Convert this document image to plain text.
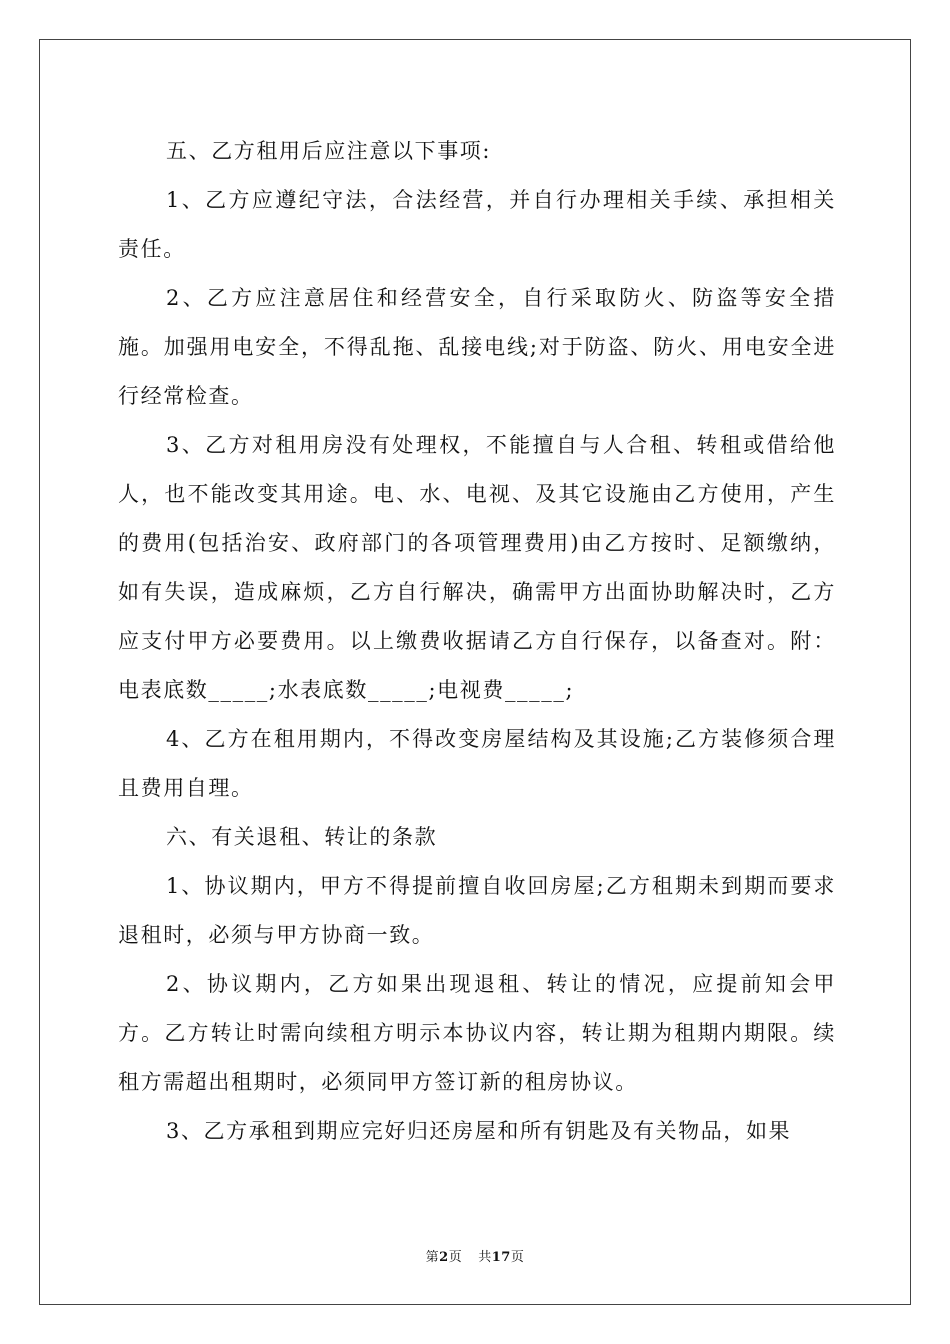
五、乙方租用后应注意以下事项:

1、乙方应遵纪守法，合法经营，并自行办理相关手续、承担相关责任。

2、乙方应注意居住和经营安全，自行采取防火、防盗等安全措施。加强用电安全，不得乱拖、乱接电线;对于防盗、防火、用电安全进行经常检查。

3、乙方对租用房没有处理权，不能擅自与人合租、转租或借给他人，也不能改变其用途。电、水、电视、及其它设施由乙方使用，产生的费用(包括治安、政府部门的各项管理费用)由乙方按时、足额缴纳，如有失误，造成麻烦，乙方自行解决，确需甲方出面协助解决时，乙方应支付甲方必要费用。以上缴费收据请乙方自行保存，以备查对。附：电表底数_____;水表底数_____;电视费_____;

4、乙方在租用期内，不得改变房屋结构及其设施;乙方装修须合理且费用自理。

六、有关退租、转让的条款

1、协议期内，甲方不得提前擅自收回房屋;乙方租期未到期而要求退租时，必须与甲方协商一致。

2、协议期内，乙方如果出现退租、转让的情况，应提前知会甲方。乙方转让时需向续租方明示本协议内容，转让期为租期内期限。续租方需超出租期时，必须同甲方签订新的租房协议。

3、乙方承租到期应完好归还房屋和所有钥匙及有关物品，如果

第2页 共17页
